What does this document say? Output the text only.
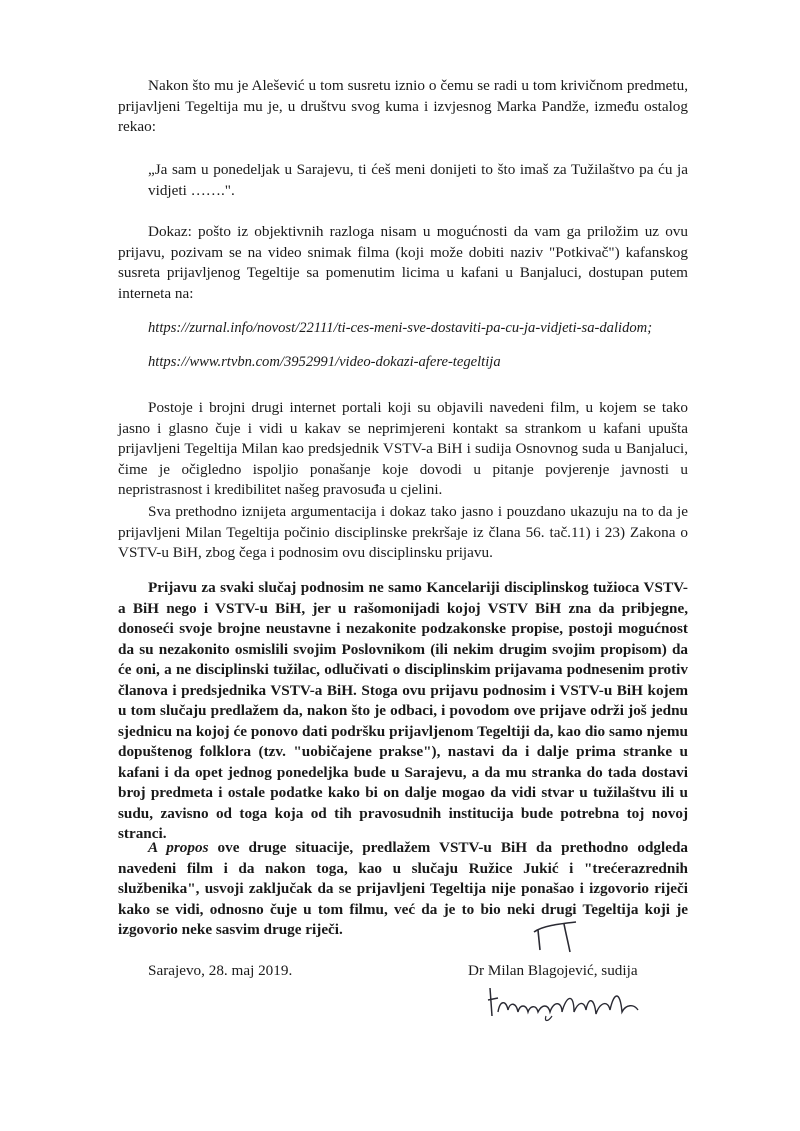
Nakon što mu je Alešević u tom susretu iznio o čemu se radi u tom krivičnom predmetu, prijavljeni Tegeltija mu je, u društvu svog kuma i izvjesnog Marka Pandže, između ostalog rekao:

„Ja sam u ponedeljak u Sarajevu, ti ćeš meni donijeti to što imaš za Tužilaštvo pa ću ja vidjeti …….".

Dokaz: pošto iz objektivnih razloga nisam u mogućnosti da vam ga priložim uz ovu prijavu, pozivam se na video snimak filma (koji može dobiti naziv "Potkivač") kafanskog susreta prijavljenog Tegeltije sa pomenutim licima u kafani u Banjaluci, dostupan putem interneta na:

https://zurnal.info/novost/22111/ti-ces-meni-sve-dostaviti-pa-cu-ja-vidjeti-sa-dalidom;

https://www.rtvbn.com/3952991/video-dokazi-afere-tegeltija

Postoje i brojni drugi internet portali koji su objavili navedeni film, u kojem se tako jasno i glasno čuje i vidi u kakav se neprimjereni kontakt sa strankom u kafani upušta prijavljeni Tegeltija Milan kao predsjednik VSTV-a BiH i sudija Osnovnog suda u Banjaluci, čime je očigledno ispoljio ponašanje koje dovodi u pitanje povjerenje javnosti u nepristrasnost i kredibilitet našeg pravosuđa u cjelini.

Sva prethodno iznijeta argumentacija i dokaz tako jasno i pouzdano ukazuju na to da je prijavljeni Milan Tegeltija počinio disciplinske prekršaje iz člana 56. tač.11) i 23) Zakona o VSTV-u BiH, zbog čega i podnosim ovu disciplinsku prijavu.

Prijavu za svaki slučaj podnosim ne samo Kancelariji disciplinskog tužioca VSTV-a BiH nego i VSTV-u BiH, jer u rašomonijadi kojoj VSTV BiH zna da pribjegne, donoseći svoje brojne neustavne i nezakonite podzakonske propise, postoji mogućnost da su nezakonito osmislili svojim Poslovnikom (ili nekim drugim svojim propisom) da će oni, a ne disciplinski tužilac, odlučivati o disciplinskim prijavama podnesenim protiv članova i predsjednika VSTV-a BiH. Stoga ovu prijavu podnosim i VSTV-u BiH kojem u tom slučaju predlažem da, nakon što je odbaci, i povodom ove prijave održi još jednu sjednicu na kojoj će ponovo dati podršku prijavljenom Tegeltiji da, kao dio samo njemu dopuštenog folklora (tzv. "uobičajene prakse"), nastavi da i dalje prima stranke u kafani i da opet jednog ponedeljka bude u Sarajevu, a da mu stranka do tada dostavi broj predmeta i ostale podatke kako bi on dalje mogao da vidi stvar u tužilaštvu ili u sudu, zavisno od toga koja od tih pravosudnih institucija bude potrebna toj novoj stranci.

A propos ove druge situacije, predlažem VSTV-u BiH da prethodno odgleda navedeni film i da nakon toga, kao u slučaju Ružice Jukić i "trećerazrednih službenika", usvoji zaključak da se prijavljeni Tegeltija nije ponašao i izgovorio riječi kako se vidi, odnosno čuje u tom filmu, već da je to bio neki drugi Tegeltija koji je izgovorio neke sasvim druge riječi.

Sarajevo, 28. maj 2019.	Dr Milan Blagojević, sudija
